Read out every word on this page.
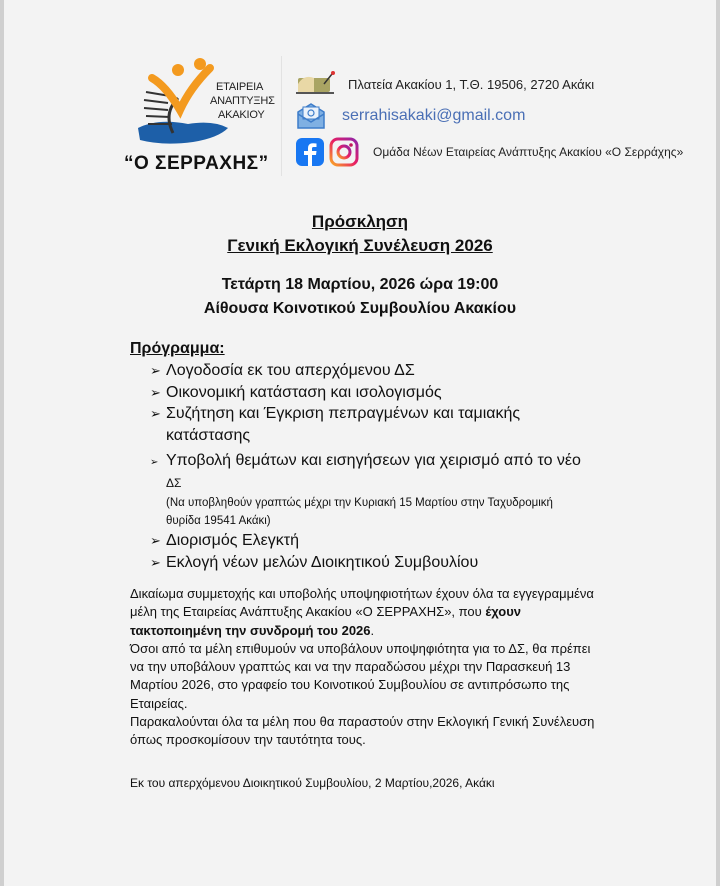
ΕΤΑΙΡΕΙΑ
ΑΝΑΠΤΥΞΗΣ
ΑΚΑΚΙΟΥ
“Ο ΣΕΡΡΑΧΗΣ”
Πλατεία Ακακίου 1, Τ.Θ. 19506, 2720 Ακάκι
serrahisakaki@gmail.com
Ομάδα Νέων Εταιρείας Ανάπτυξης Ακακίου «Ο Σερράχης»
Πρόσκληση
Γενική Εκλογική Συνέλευση 2026
Τετάρτη 18 Μαρτίου, 2026 ώρα 19:00
Αίθουσα Κοινοτικού Συμβουλίου Ακακίου
Πρόγραμμα:
➢ Λογοδοσία εκ του απερχόμενου ΔΣ
➢ Οικονομική κατάσταση και ισολογισμός
➢ Συζήτηση και Έγκριση πεπραγμένων και ταμιακής κατάστασης
➢ Υποβολή θεμάτων και εισηγήσεων για χειρισμό από το νέο ΔΣ
(Να υποβληθούν γραπτώς μέχρι την Κυριακή 15 Μαρτίου στην Ταχυδρομική θυρίδα 19541 Ακάκι)
➢ Διορισμός Ελεγκτή
➢ Εκλογή νέων μελών Διοικητικού Συμβουλίου

Δικαίωμα συμμετοχής και υποβολής υποψηφιοτήτων έχουν όλα τα εγγεγραμμένα μέλη της Εταιρείας Ανάπτυξης Ακακίου «Ο ΣΕΡΡΑΧΗΣ», που έχουν τακτοποιημένη την συνδρομή του 2026.

Όσοι από τα μέλη επιθυμούν να υποβάλουν υποψηφιότητα για το ΔΣ, θα πρέπει να την υποβάλουν γραπτώς και να την παραδώσου μέχρι την Παρασκευή 13 Μαρτίου 2026, στο γραφείο του Κοινοτικού Συμβουλίου σε αντιπρόσωπο της Εταιρείας.

Παρακαλούνται όλα τα μέλη που θα παραστούν στην Εκλογική Γενική Συνέλευση όπως προσκομίσουν την ταυτότητα τους.

Εκ του απερχόμενου Διοικητικού Συμβουλίου, 2 Μαρτίου,2026, Ακάκι
